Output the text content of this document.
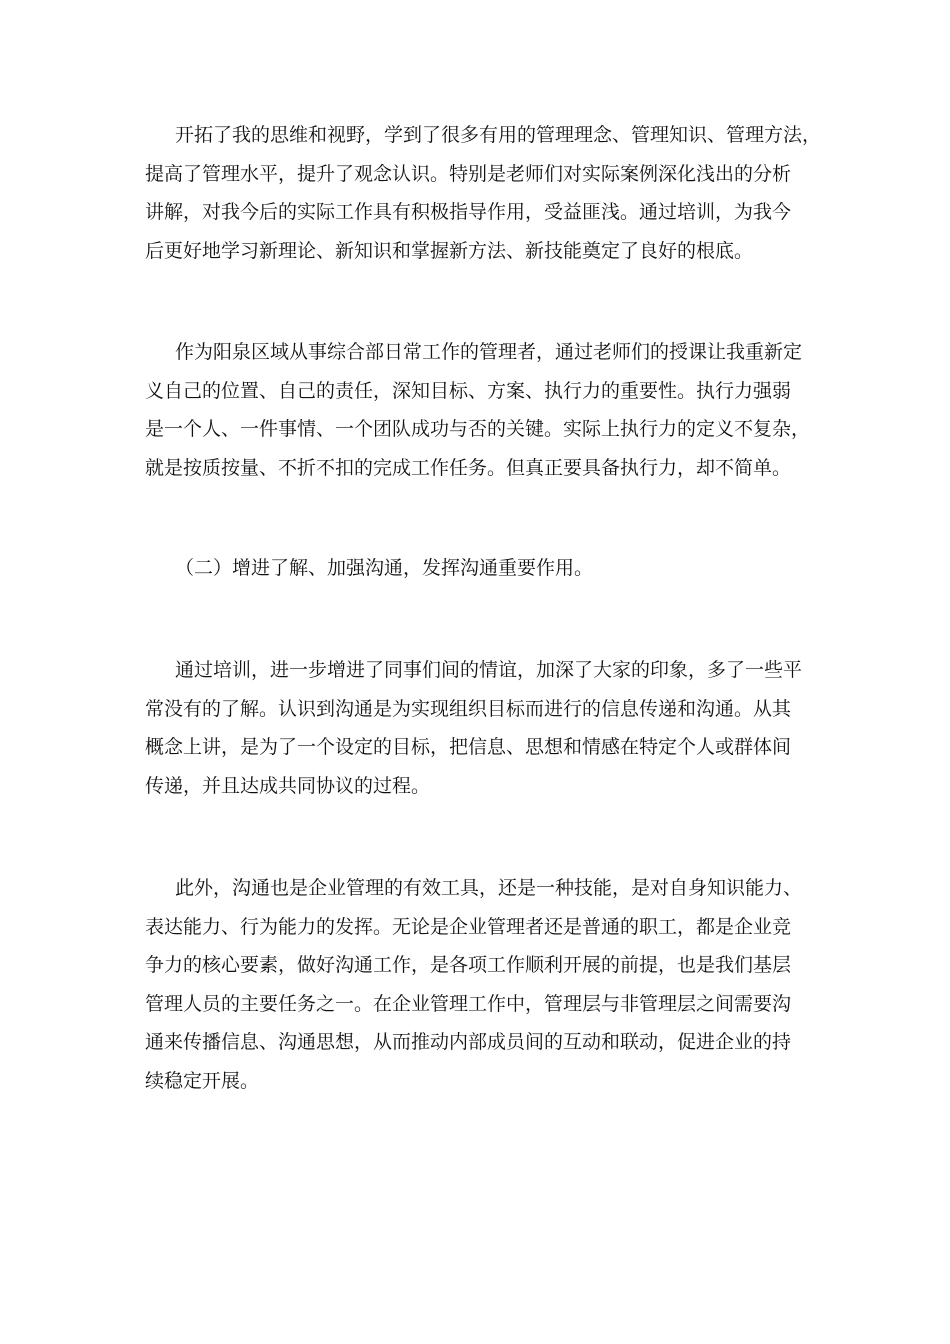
开拓了我的思维和视野，学到了很多有用的管理理念、管理知识、管理方法，
提高了管理水平，提升了观念认识。特别是老师们对实际案例深化浅出的分析
讲解，对我今后的实际工作具有积极指导作用，受益匪浅。通过培训，为我今
后更好地学习新理论、新知识和掌握新方法、新技能奠定了良好的根底。
作为阳泉区域从事综合部日常工作的管理者，通过老师们的授课让我重新定
义自己的位置、自己的责任，深知目标、方案、执行力的重要性。执行力强弱
是一个人、一件事情、一个团队成功与否的关键。实际上执行力的定义不复杂，
就是按质按量、不折不扣的完成工作任务。但真正要具备执行力，却不简单。
（二）增进了解、加强沟通，发挥沟通重要作用。
通过培训，进一步增进了同事们间的情谊，加深了大家的印象，多了一些平
常没有的了解。认识到沟通是为实现组织目标而进行的信息传递和沟通。从其
概念上讲，是为了一个设定的目标，把信息、思想和情感在特定个人或群体间
传递，并且达成共同协议的过程。
此外，沟通也是企业管理的有效工具，还是一种技能，是对自身知识能力、
表达能力、行为能力的发挥。无论是企业管理者还是普通的职工，都是企业竞
争力的核心要素，做好沟通工作，是各项工作顺利开展的前提，也是我们基层
管理人员的主要任务之一。在企业管理工作中，管理层与非管理层之间需要沟
通来传播信息、沟通思想，从而推动内部成员间的互动和联动，促进企业的持
续稳定开展。
